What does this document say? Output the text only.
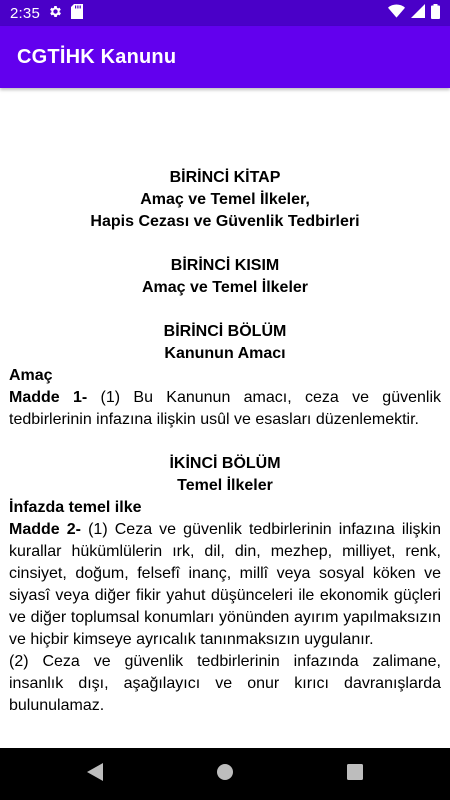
2:35
CGTİHK Kanunu
BİRİNCİ KİTAP
Amaç ve Temel İlkeler,
Hapis Cezası ve Güvenlik Tedbirleri
BİRİNCİ KISIM
Amaç ve Temel İlkeler
BİRİNCİ BÖLÜM
Kanunun Amacı
Amaç

Madde 1- (1) Bu Kanunun amacı, ceza ve güvenlik tedbirlerinin infazına ilişkin usûl ve esasları düzenlemektir.

İKİNCİ BÖLÜM
Temel İlkeler
İnfazda temel ilke

Madde 2- (1) Ceza ve güvenlik tedbirlerinin infazına ilişkin kurallar hükümlülerin ırk, dil, din, mezhep, milliyet, renk, cinsiyet, doğum, felsefî inanç, millî veya sosyal köken ve siyasî veya diğer fikir yahut düşünceleri ile ekonomik güçleri ve diğer toplumsal konumları yönünden ayırım yapılmaksızın ve hiçbir kimseye ayrıcalık tanınmaksızın uygulanır.

(2) Ceza ve güvenlik tedbirlerinin infazında zalimane, insanlık dışı, aşağılayıcı ve onur kırıcı davranışlarda bulunulamaz.
